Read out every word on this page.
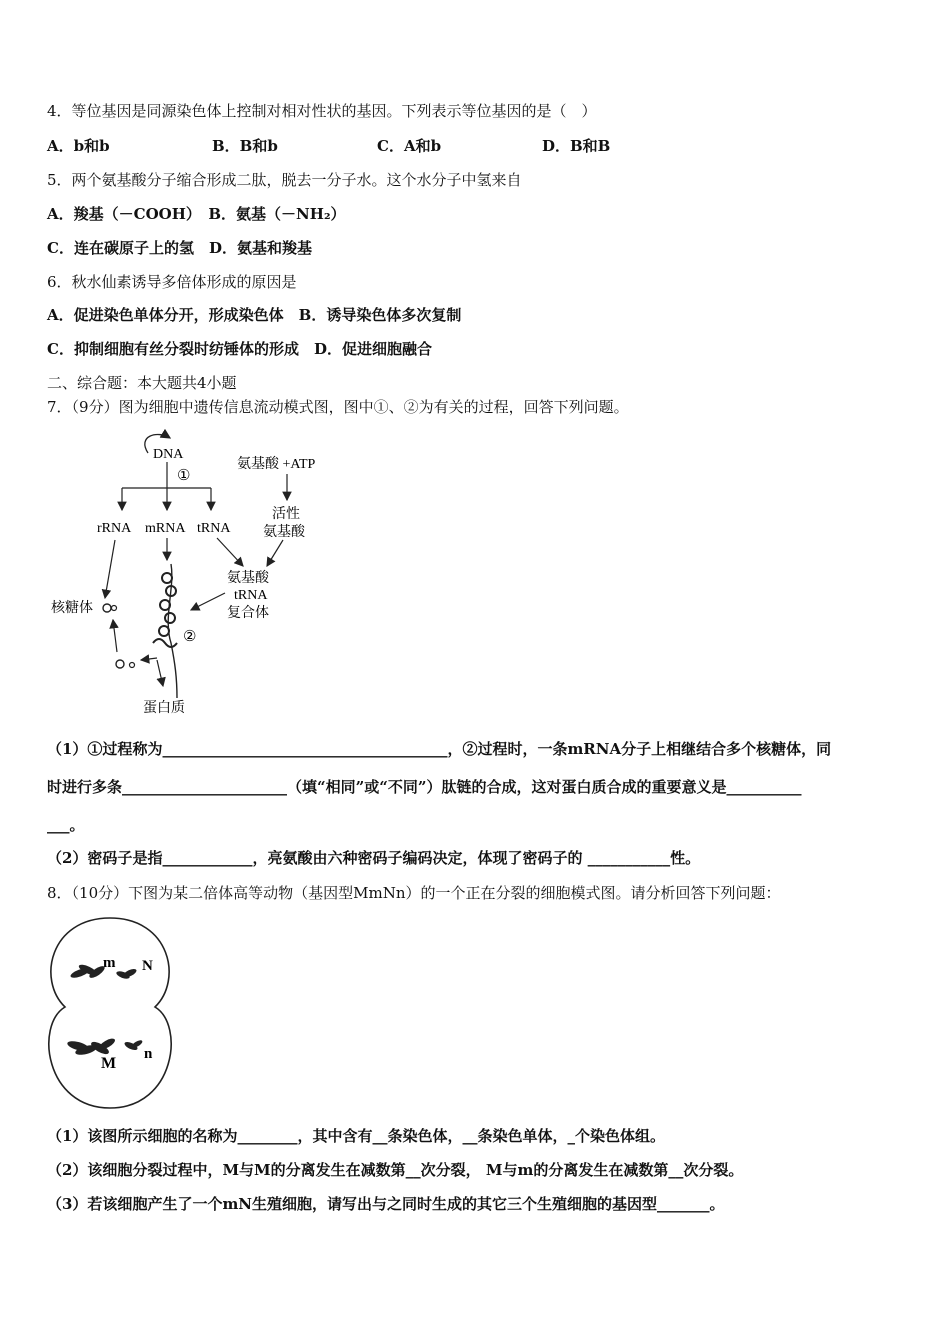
4．等位基因是同源染色体上控制对相对性状的基因。下列表示等位基因的是（　）
A．b和b	B．B和b	C．A和b	D．B和B
5．两个氨基酸分子缩合形成二肽，脱去一分子水。这个水分子中氢来自
A．羧基（－COOH）　B．氨基（－NH₂）
C．连在碳原子上的氢　D．氨基和羧基
6．秋水仙素诱导多倍体形成的原因是
A．促进染色单体分开，形成染色体　B．诱导染色体多次复制
C．抑制细胞有丝分裂时纺锤体的形成　D．促进细胞融合
二、综合题：本大题共4小题
7．（9分）图为细胞中遗传信息流动模式图，图中①、②为有关的过程，回答下列问题。
DNA
①
rRNA mRNA tRNA
氨基酸 +ATP
活性
氨基酸
氨基酸
tRNA
复合体
②
核糖体
蛋白质
（1）①过程称为______________________________________，②过程时，一条mRNA分子上相继结合多个核糖体，同
时进行多条______________________（填“相同”或“不同”）肽链的合成，这对蛋白质合成的重要意义是__________
___。
（2）密码子是指____________，亮氨酸由六种密码子编码决定，体现了密码子的 ___________性。
8．（10分）下图为某二倍体高等动物（基因型MmNn）的一个正在分裂的细胞模式图。请分析回答下列问题：
m N
M
n
（1）该图所示细胞的名称为________，其中含有__条染色体，__条染色单体，_个染色体组。
（2）该细胞分裂过程中，M与M的分离发生在减数第__次分裂， M与m的分离发生在减数第__次分裂。
（3）若该细胞产生了一个mN生殖细胞，请写出与之同时生成的其它三个生殖细胞的基因型_______。
